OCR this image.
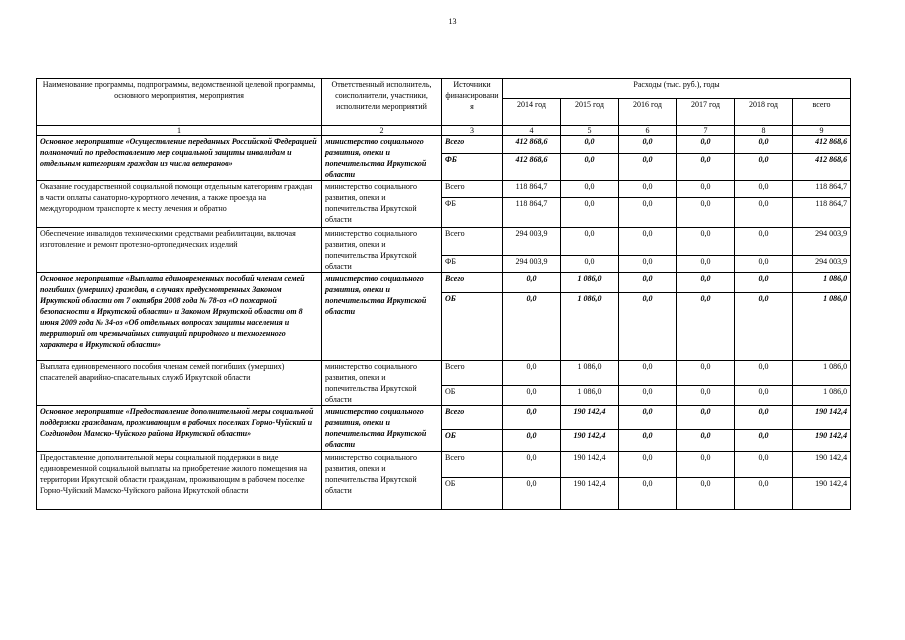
13
Наименование программы, подпрограммы, ведомственной целевой программы, основного мероприятия, мероприятия	Ответственный исполнитель, соисполнители, участники, исполнители мероприятий	Источники финансировани я	Расходы (тыс. руб.), годы					
			2014 год	2015 год	2016 год	2017 год	2018 год	всего
1	2	3	4	5	6	7	8	9
Основное мероприятие «Осуществление переданных Российской Федерацией полномочий по предоставлению мер социальной защиты инвалидам и отдельным категориям граждан из числа ветеранов»	министерство социального развития, опеки и попечительства Иркутской области	Всего	412 868,6	0,0	0,0	0,0	0,0	412 868,6
		ФБ	412 868,6	0,0	0,0	0,0	0,0	412 868,6
Оказание государственной социальной помощи отдельным категориям граждан в части оплаты санаторно-курортного лечения, а также проезда на междугородном транспорте к месту лечения и обратно	министерство социального развития, опеки и попечительства Иркутской области	Всего	118 864,7	0,0	0,0	0,0	0,0	118 864,7
		ФБ	118 864,7	0,0	0,0	0,0	0,0	118 864,7
Обеспечение инвалидов техническими средствами реабилитации, включая изготовление и ремонт протезно-ортопедических изделий	министерство социального развития, опеки и попечительства Иркутской области	Всего	294 003,9	0,0	0,0	0,0	0,0	294 003,9
		ФБ	294 003,9	0,0	0,0	0,0	0,0	294 003,9
Основное мероприятие «Выплата единовременных пособий членам семей погибших (умерших) граждан, в случаях предусмотренных Законом Иркутской области от 7 октября 2008 года № 78-оз «О пожарной безопасности в Иркутской области» и Законом Иркутской области от 8 июня 2009 года № 34-оз «Об отдельных вопросах защиты населения и территорий от чрезвычайных ситуаций природного и техногенного характера в Иркутской области»	министерство социального развития, опеки и попечительства Иркутской области	Всего	0,0	1 086,0	0,0	0,0	0,0	1 086,0
		ОБ	0,0	1 086,0	0,0	0,0	0,0	1 086,0
Выплата единовременного пособия членам семей погибших (умерших) спасателей аварийно-спасательных служб Иркутской области	министерство социального развития, опеки и попечительства Иркутской области	Всего	0,0	1 086,0	0,0	0,0	0,0	1 086,0
		ОБ	0,0	1 086,0	0,0	0,0	0,0	1 086,0
Основное мероприятие «Предоставление дополнительной меры социальной поддержки гражданам, проживающим в рабочих поселках Горно-Чуйский и Согдиондон Мамско-Чуйского района Иркутской области»	министерство социального развития, опеки и попечительства Иркутской области	Всего	0,0	190 142,4	0,0	0,0	0,0	190 142,4
		ОБ	0,0	190 142,4	0,0	0,0	0,0	190 142,4
Предоставление дополнительной меры социальной поддержки в виде единовременной социальной выплаты на приобретение жилого помещения на территории Иркутской области гражданам, проживающим в рабочем поселке Горно-Чуйский Мамско-Чуйского района Иркутской области	министерство социального развития, опеки и попечительства Иркутской области	Всего	0,0	190 142,4	0,0	0,0	0,0	190 142,4
		ОБ	0,0	190 142,4	0,0	0,0	0,0	190 142,4
